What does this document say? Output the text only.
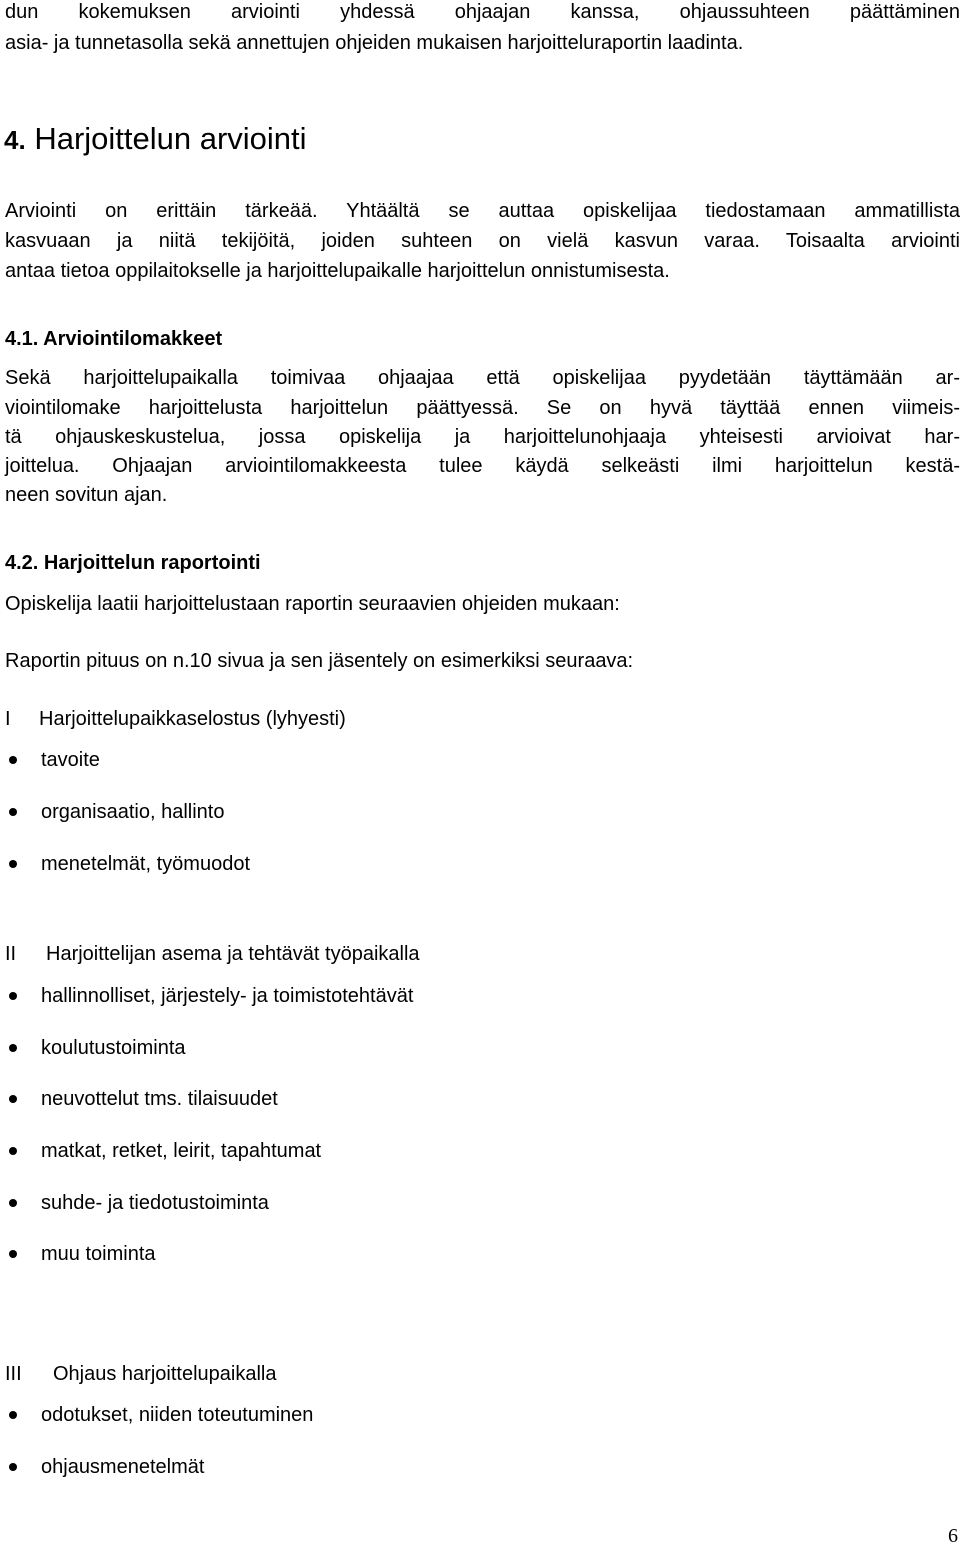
dun kokemuksen arviointi yhdessä ohjaajan kanssa, ohjaussuhteen päättäminen
asia- ja tunnetasolla sekä annettujen ohjeiden mukaisen harjoitteluraportin laadinta.
4. Harjoittelun arviointi
Arviointi on erittäin tärkeää. Yhtäältä se auttaa opiskelijaa tiedostamaan ammatillista
kasvuaan ja niitä tekijöitä, joiden suhteen on vielä kasvun varaa. Toisaalta arviointi
antaa tietoa oppilaitokselle ja harjoittelupaikalle harjoittelun onnistumisesta.
4.1. Arviointilomakkeet
Sekä harjoittelupaikalla toimivaa ohjaajaa että opiskelijaa pyydetään täyttämään ar-
viointilomake harjoittelusta harjoittelun päättyessä. Se on hyvä täyttää ennen viimeis-
tä ohjauskeskustelua, jossa opiskelija ja harjoittelunohjaaja yhteisesti arvioivat har-
joittelua. Ohjaajan arviointilomakkeesta tulee käydä selkeästi ilmi harjoittelun kestä-
neen sovitun ajan.
4.2. Harjoittelun raportointi
Opiskelija laatii harjoittelustaan raportin seuraavien ohjeiden mukaan:
Raportin pituus on n.10 sivua ja sen jäsentely on esimerkiksi seuraava:
I Harjoittelupaikkaselostus (lyhyesti)
tavoite
organisaatio, hallinto
menetelmät, työmuodot
II Harjoittelijan asema ja tehtävät työpaikalla
hallinnolliset, järjestely- ja toimistotehtävät
koulutustoiminta
neuvottelut tms. tilaisuudet
matkat, retket, leirit, tapahtumat
suhde- ja tiedotustoiminta
muu toiminta
III Ohjaus harjoittelupaikalla
odotukset, niiden toteutuminen
ohjausmenetelmät
6
